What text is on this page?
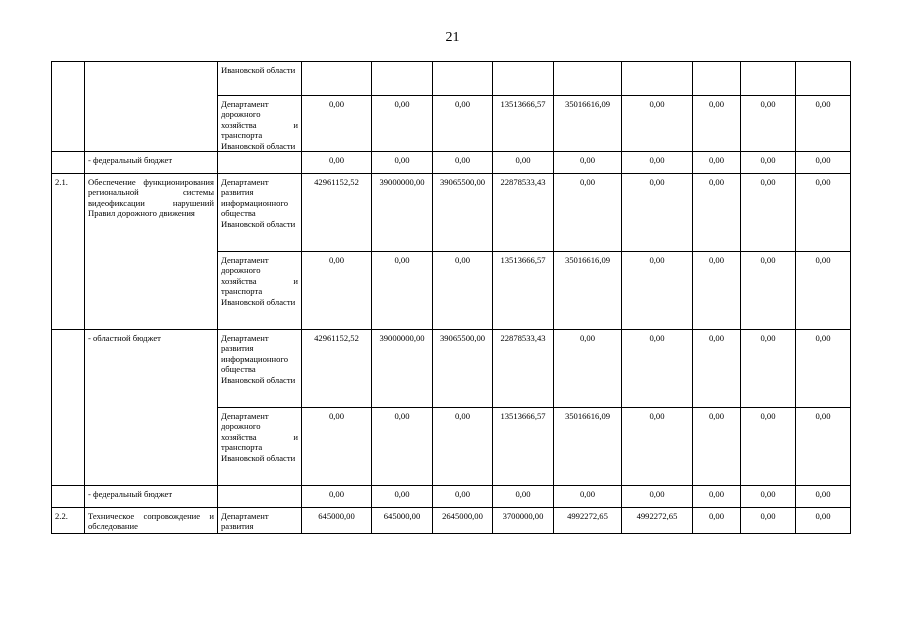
21
		Ивановской области									
		Департамент дорожного хозяйства и транспорта Ивановской области	0,00	0,00	0,00	13513666,57	35016616,09	0,00	0,00	0,00	0,00
	- федеральный бюджет		0,00	0,00	0,00	0,00	0,00	0,00	0,00	0,00	0,00
2.1.	Обеспечение функционирования региональной системы видеофиксации нарушений Правил дорожного движения	Департамент развития информационного общества Ивановской области	42961152,52	39000000,00	39065500,00	22878533,43	0,00	0,00	0,00	0,00	0,00
		Департамент дорожного хозяйства и транспорта Ивановской области	0,00	0,00	0,00	13513666,57	35016616,09	0,00	0,00	0,00	0,00
	- областной бюджет	Департамент развития информационного общества Ивановской области	42961152,52	39000000,00	39065500,00	22878533,43	0,00	0,00	0,00	0,00	0,00
		Департамент дорожного хозяйства и транспорта Ивановской области	0,00	0,00	0,00	13513666,57	35016616,09	0,00	0,00	0,00	0,00
	- федеральный бюджет		0,00	0,00	0,00	0,00	0,00	0,00	0,00	0,00	0,00
2.2.	Техническое сопровождение и обследование	Департамент развития	645000,00	645000,00	2645000,00	3700000,00	4992272,65	4992272,65	0,00	0,00	0,00
